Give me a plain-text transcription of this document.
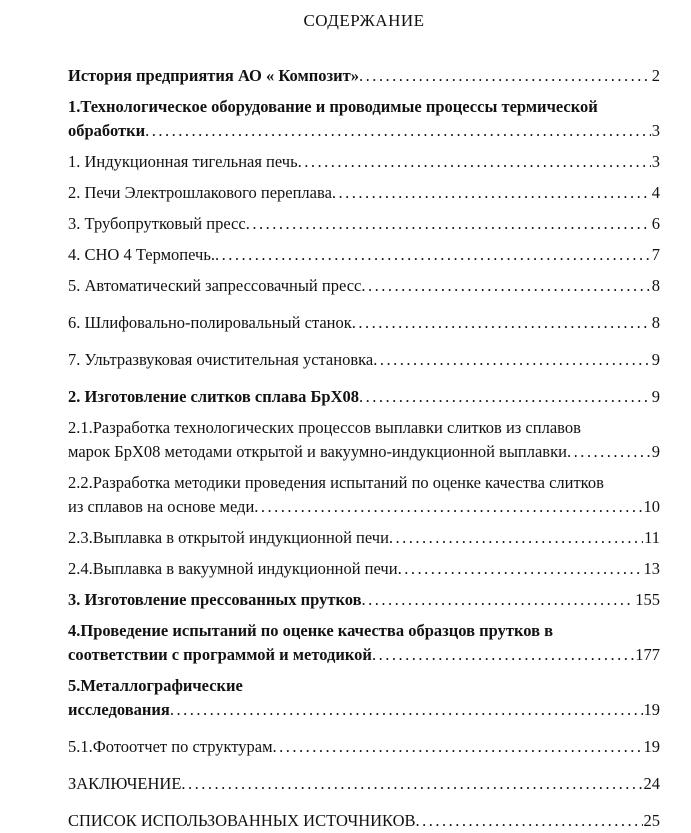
СОДЕРЖАНИЕ
История предприятия АО « Композит» .....	2
1.Технологическое оборудование и проводимые процессы термической
обработки .....	3
1. Индукционная тигельная печь .....	3
2. Печи Электрошлакового переплава .....	4
3. Трубопрутковый пресс .....	6
4. СНО 4 Термопечь. .....	7
5. Автоматический запрессовачный пресс .....	8
6. Шлифовально-полировальный станок .....	8
7. Ультразвуковая очистительная установка .....	9
2. Изготовление слитков сплава БрХ08 .....	9
2.1.Разработка технологических процессов выплавки слитков из сплавов
марок БрХ08 методами открытой и вакуумно-индукционной выплавки .....	9
2.2.Разработка методики проведения испытаний по оценке качества слитков
из сплавов на основе меди .....	10
2.3.Выплавка в открытой индукционной печи .....	11
2.4.Выплавка в вакуумной индукционной печи .....	13
3. Изготовление прессованных прутков .....	155
4.Проведение испытаний по оценке качества образцов прутков в
соответствии с программой и методикой .....	177
5.Металлографические
исследования .....	19
5.1.Фотоотчет по структурам .....	19
ЗАКЛЮЧЕНИЕ .....	24
СПИСОК ИСПОЛЬЗОВАННЫХ ИСТОЧНИКОВ .....	25
